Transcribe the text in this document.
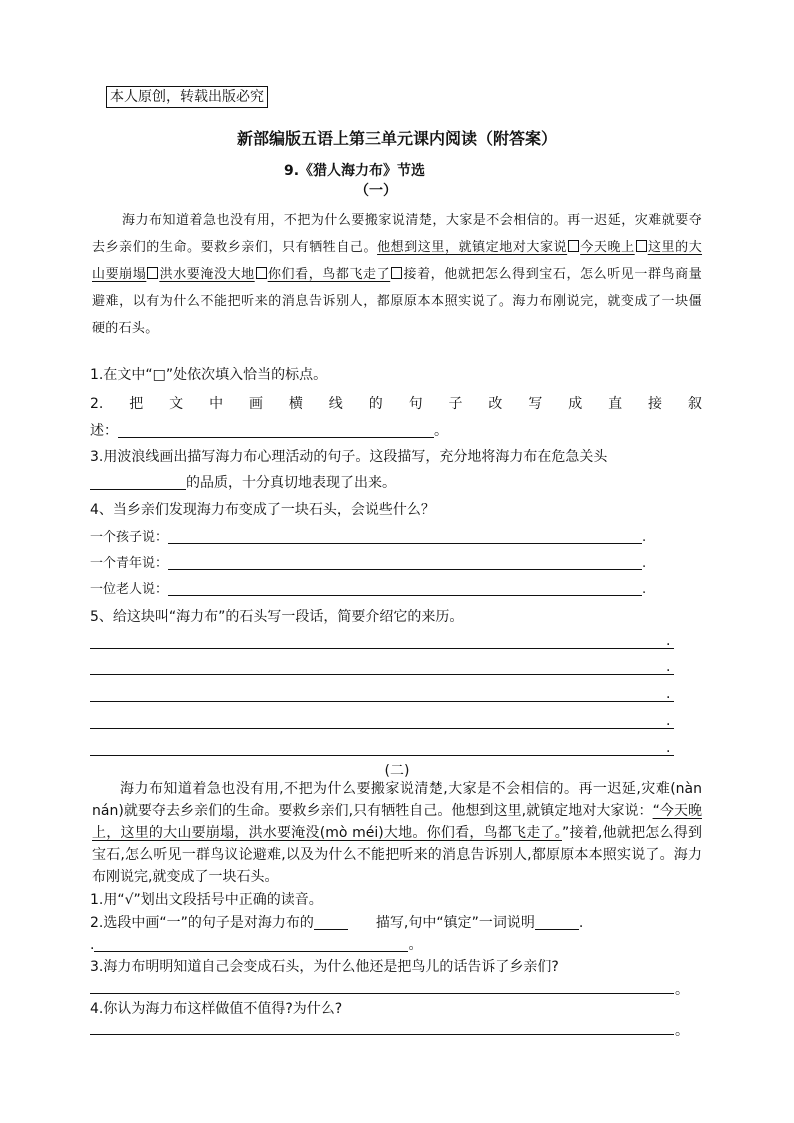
本人原创，转载出版必究
新部编版五语上第三单元课内阅读（附答案）
9.《猎人海力布》节选
（一）

海力布知道着急也没有用，不把为什么要搬家说清楚，大家是不会相信的。再一迟延，灾难就要夺去乡亲们的生命。要救乡亲们，只有牺牲自己。他想到这里，就镇定地对大家说 今天晚上 这里的大山要崩塌 洪水要淹没大地 你们看，鸟都飞走了 接着，他就把怎么得到宝石，怎么听见一群鸟商量避难，以有为什么不能把听来的消息告诉别人，都原原本本照实说了。海力布刚说完，就变成了一块僵硬的石头。

1.在文中“□”处依次填入恰当的标点。
2. 把 文 中 画 横 线 的 句 子 改 写 成 直 接 叙
述：	。
3.用波浪线画出描写海力布心理活动的句子。这段描写，充分地将海力布在危急关头
的品质，十分真切地表现了出来。
4、当乡亲们发现海力布变成了一块石头，会说些什么？
一个孩子说：	.
一个青年说：	.
一位老人说：	.
5、给这块叫“海力布”的石头写一段话，简要介绍它的来历。
.
.
.
.
.
(二)

海力布知道着急也没有用,不把为什么要搬家说清楚,大家是不会相信的。再一迟延,灾难(nàn nán)就要夺去乡亲们的生命。要救乡亲们,只有牺牲自己。他想到这里,就镇定地对大家说：“今天晚上，这里的大山要崩塌，洪水要淹没(mò méi)大地。你们看，鸟都飞走了。”接着,他就把怎么得到宝石,怎么听见一群鸟议论避难,以及为什么不能把听来的消息告诉别人,都原原本本照实说了。海力布刚说完,就变成了一块石头。

1.用“√”划出文段括号中正确的读音。
2.选段中画“一”的句子是对海力布的	描写,句中“镇定”一词说明	.
.	。
3.海力布明明知道自己会变成石头，为什么他还是把鸟儿的话告诉了乡亲们?
。
4.你认为海力布这样做值不值得?为什么?
。
